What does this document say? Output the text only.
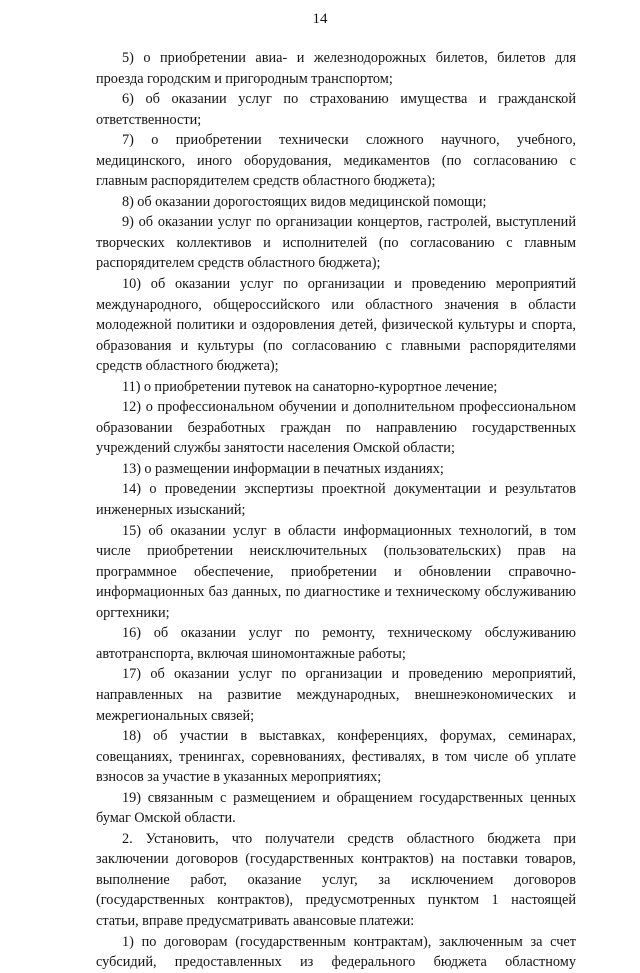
14

5) о приобретении авиа- и железнодорожных билетов, билетов для проезда городским и пригородным транспортом;

6) об оказании услуг по страхованию имущества и гражданской ответственности;

7) о приобретении технически сложного научного, учебного, медицинского, иного оборудования, медикаментов (по согласованию с главным распорядителем средств областного бюджета);

8) об оказании дорогостоящих видов медицинской помощи;

9) об оказании услуг по организации концертов, гастролей, выступлений творческих коллективов и исполнителей (по согласованию с главным распорядителем средств областного бюджета);

10) об оказании услуг по организации и проведению мероприятий международного, общероссийского или областного значения в области молодежной политики и оздоровления детей, физической культуры и спорта, образования и культуры (по согласованию с главными распорядителями средств областного бюджета);

11) о приобретении путевок на санаторно-курортное лечение;

12) о профессиональном обучении и дополнительном профессиональном образовании безработных граждан по направлению государственных учреждений службы занятости населения Омской области;

13) о размещении информации в печатных изданиях;

14) о проведении экспертизы проектной документации и результатов инженерных изысканий;

15) об оказании услуг в области информационных технологий, в том числе приобретении неисключительных (пользовательских) прав на программное обеспечение, приобретении и обновлении справочно-информационных баз данных, по диагностике и техническому обслуживанию оргтехники;

16) об оказании услуг по ремонту, техническому обслуживанию автотранспорта, включая шиномонтажные работы;

17) об оказании услуг по организации и проведению мероприятий, направленных на развитие международных, внешнеэкономических и межрегиональных связей;

18) об участии в выставках, конференциях, форумах, семинарах, совещаниях, тренингах, соревнованиях, фестивалях, в том числе об уплате взносов за участие в указанных мероприятиях;

19) связанным с размещением и обращением государственных ценных бумаг Омской области.

2. Установить, что получатели средств областного бюджета при заключении договоров (государственных контрактов) на поставки товаров, выполнение работ, оказание услуг, за исключением договоров (государственных контрактов), предусмотренных пунктом 1 настоящей статьи, вправе предусматривать авансовые платежи:

1) по договорам (государственным контрактам), заключенным за счет субсидий, предоставленных из федерального бюджета областному
